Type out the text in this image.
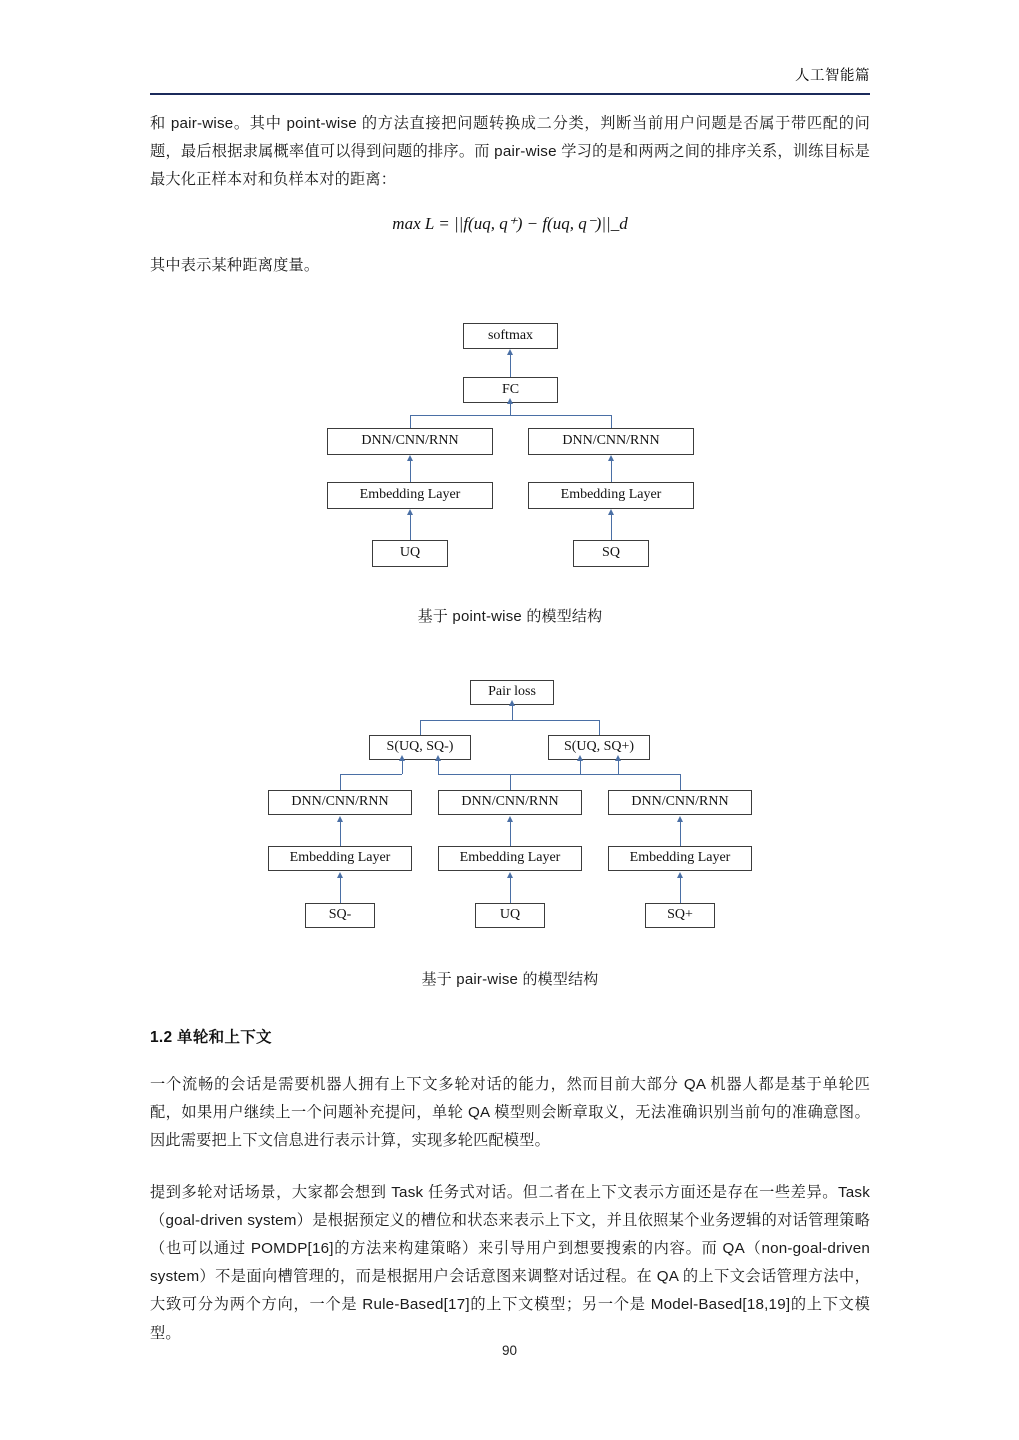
人工智能篇

和 pair-wise。其中 point-wise 的方法直接把问题转换成二分类，判断当前用户问题是否属于带匹配的问题，最后根据隶属概率值可以得到问题的排序。而 pair-wise 学习的是和两两之间的排序关系，训练目标是最大化正样本对和负样本对的距离：

max L = ||f(uq, q⁺) − f(uq, q⁻)||_d

其中表示某种距离度量。

softmax
FC
DNN/CNN/RNN	DNN/CNN/RNN
Embedding Layer	Embedding Layer
UQ	SQ
基于 point-wise 的模型结构
Pair loss
S(UQ, SQ-)	S(UQ, SQ+)
DNN/CNN/RNN	DNN/CNN/RNN	DNN/CNN/RNN
Embedding Layer	Embedding Layer	Embedding Layer
SQ-	UQ	SQ+
基于 pair-wise 的模型结构
1.2 单轮和上下文

一个流畅的会话是需要机器人拥有上下文多轮对话的能力，然而目前大部分 QA 机器人都是基于单轮匹配，如果用户继续上一个问题补充提问，单轮 QA 模型则会断章取义，无法准确识别当前句的准确意图。因此需要把上下文信息进行表示计算，实现多轮匹配模型。

提到多轮对话场景，大家都会想到 Task 任务式对话。但二者在上下文表示方面还是存在一些差异。Task（goal-driven system）是根据预定义的槽位和状态来表示上下文，并且依照某个业务逻辑的对话管理策略（也可以通过 POMDP[16]的方法来构建策略）来引导用户到想要搜索的内容。而 QA（non-goal-driven system）不是面向槽管理的，而是根据用户会话意图来调整对话过程。在 QA 的上下文会话管理方法中，大致可分为两个方向，一个是 Rule-Based[17]的上下文模型；另一个是 Model-Based[18,19]的上下文模型。

90
